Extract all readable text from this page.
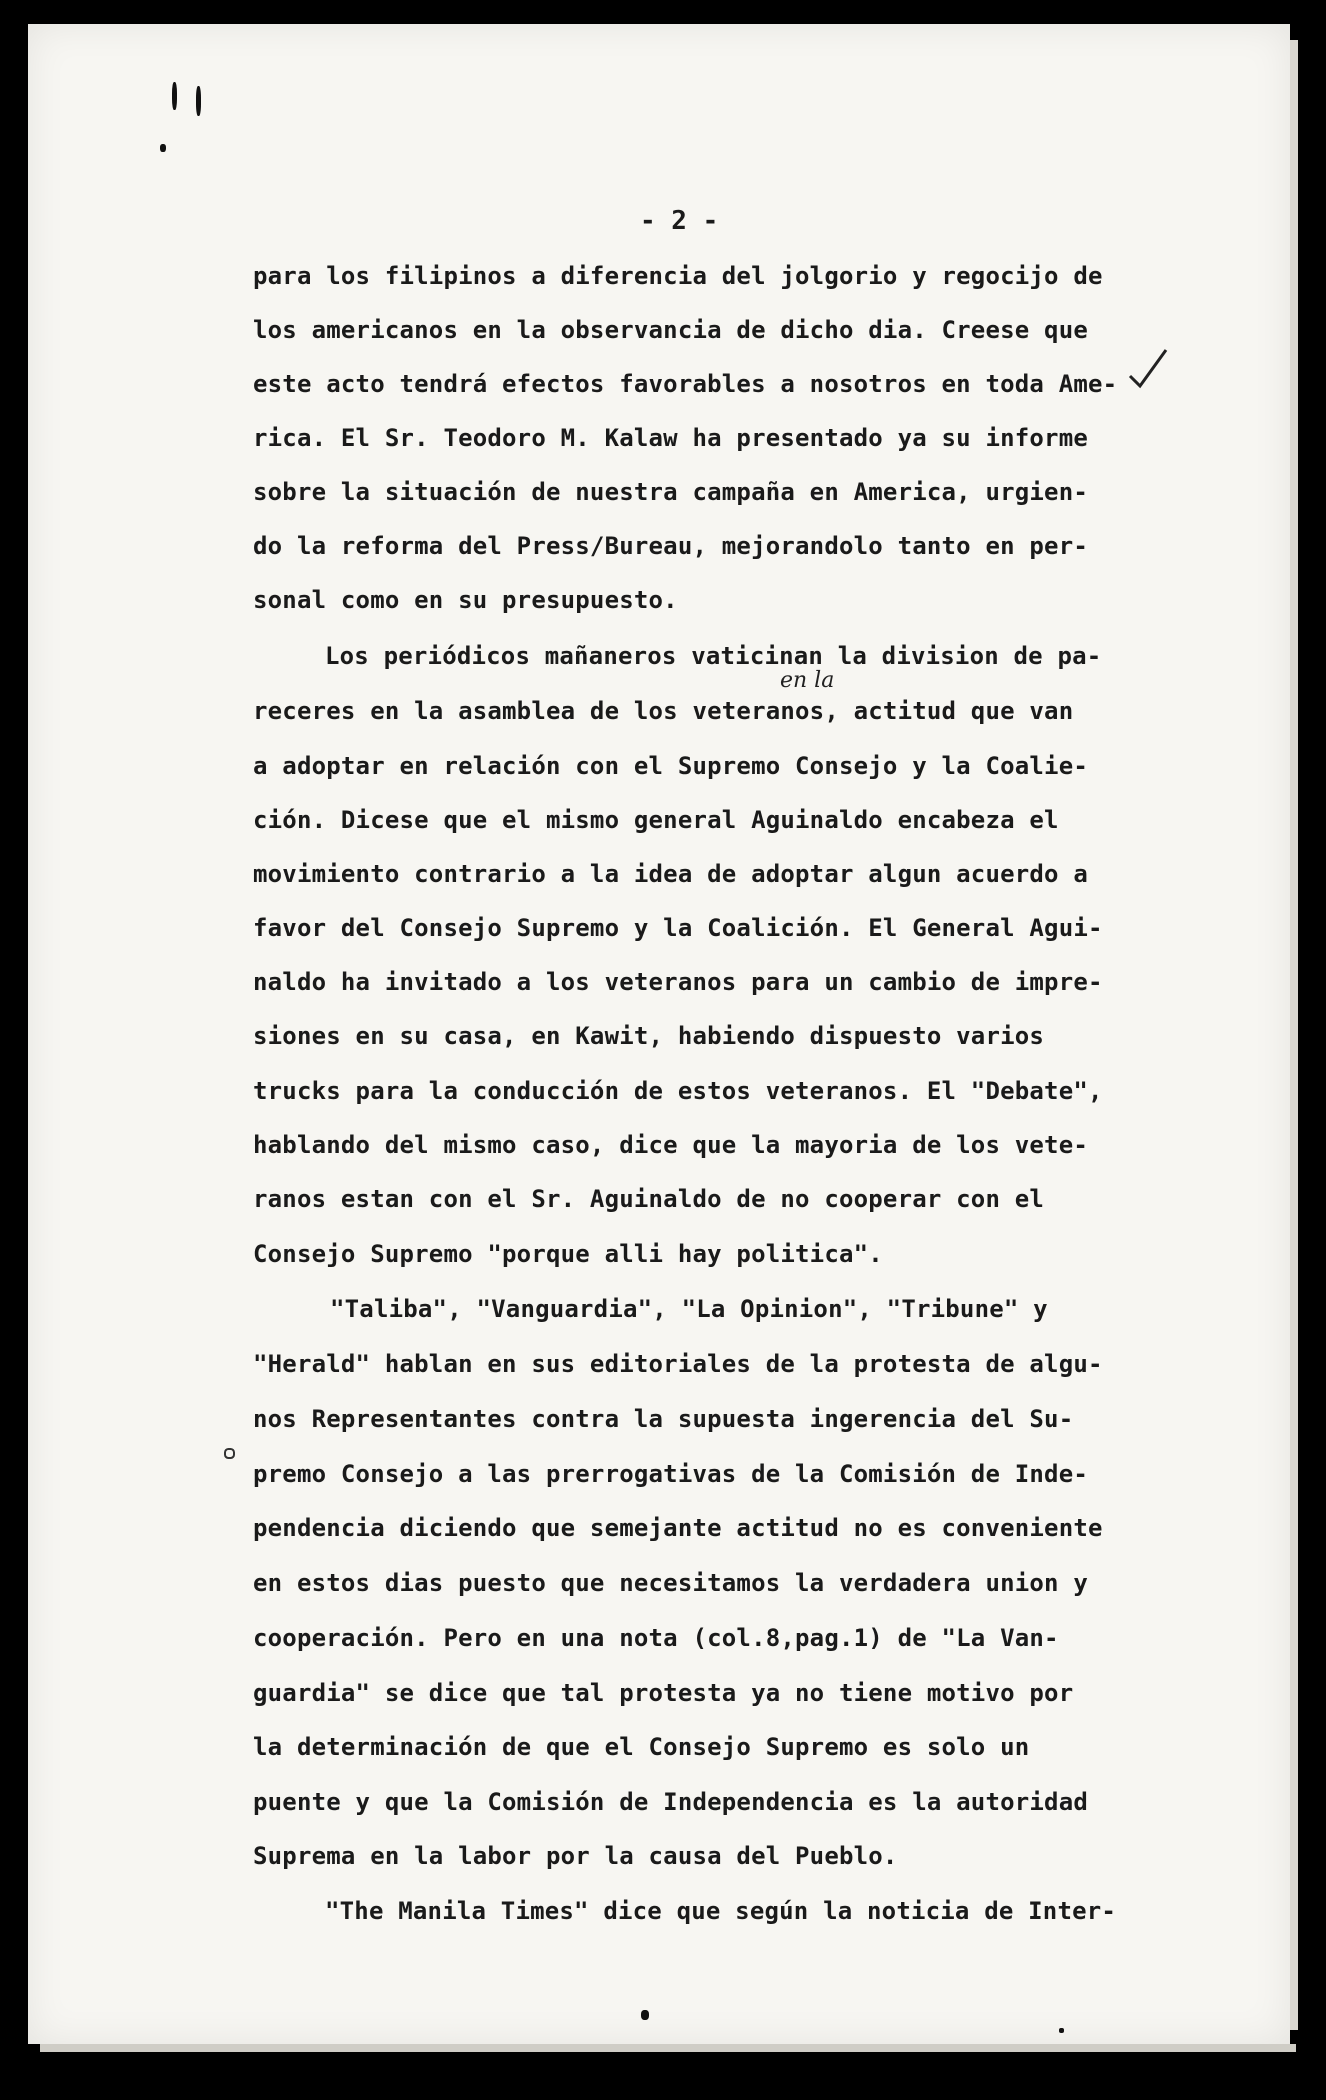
- 2 -

en la

para los filipinos a diferencia del jolgorio y regocijo de

los americanos en la observancia de dicho dia. Creese que

este acto tendrá efectos favorables a nosotros en toda Ame-

rica. El Sr. Teodoro M. Kalaw ha presentado ya su informe

sobre la situación de nuestra campaña en America, urgien-

do la reforma del Press/Bureau, mejorandolo tanto en per-

sonal como en su presupuesto.

Los periódicos mañaneros vaticinan la division de pa-

receres en la asamblea de los veteranos, actitud que van

a adoptar en relación con el Supremo Consejo y la Coalie-

ción. Dicese que el mismo general Aguinaldo encabeza el

movimiento contrario a la idea de adoptar algun acuerdo a

favor del Consejo Supremo y la Coalición. El General Agui-

naldo ha invitado a los veteranos para un cambio de impre-

siones en su casa, en Kawit, habiendo dispuesto varios

trucks para la conducción de estos veteranos. El "Debate",

hablando del mismo caso, dice que la mayoria de los vete-

ranos estan con el Sr. Aguinaldo de no cooperar con el

Consejo Supremo "porque alli hay politica".

"Taliba", "Vanguardia", "La Opinion", "Tribune" y

"Herald" hablan en sus editoriales de la protesta de algu-

nos Representantes contra la supuesta ingerencia del Su-

premo Consejo a las prerrogativas de la Comisión de Inde-

pendencia diciendo que semejante actitud no es conveniente

en estos dias puesto que necesitamos la verdadera union y

cooperación. Pero en una nota (col.8,pag.1) de "La Van-

guardia" se dice que tal protesta ya no tiene motivo por

la determinación de que el Consejo Supremo es solo un

puente y que la Comisión de Independencia es la autoridad

Suprema en la labor por la causa del Pueblo.

"The Manila Times" dice que según la noticia de Inter-
